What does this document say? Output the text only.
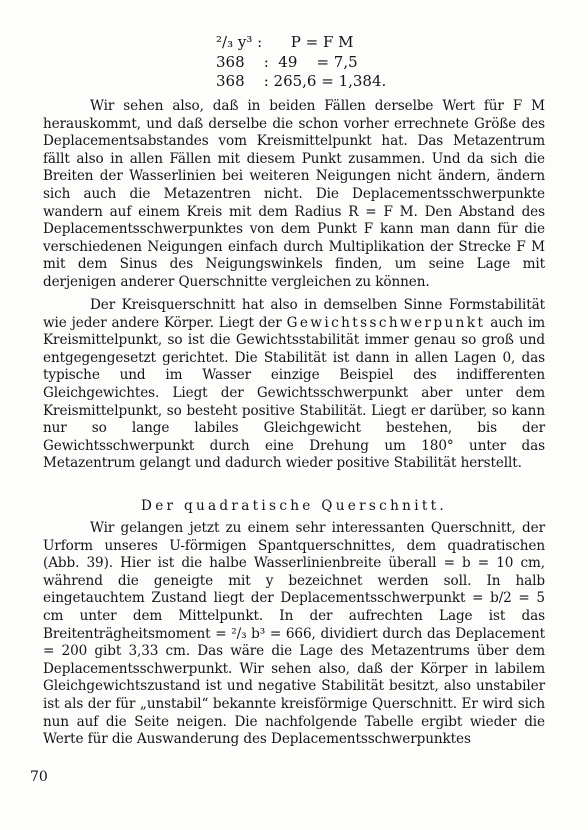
²/₃ y³ :      P = F M
368    :  49    = 7,5
368    : 265,6 = 1,384.

Wir sehen also, daß in beiden Fällen derselbe Wert für F M herauskommt, und daß derselbe die schon vorher errechnete Größe des Deplacementsabstandes vom Kreismittelpunkt hat. Das Metazentrum fällt also in allen Fällen mit diesem Punkt zusammen. Und da sich die Breiten der Wasserlinien bei weiteren Neigungen nicht ändern, ändern sich auch die Metazentren nicht. Die Deplacementsschwerpunkte wandern auf einem Kreis mit dem Radius R = F M. Den Abstand des Deplacementsschwerpunktes von dem Punkt F kann man dann für die verschiedenen Neigungen einfach durch Multiplikation der Strecke F M mit dem Sinus des Neigungswinkels finden, um seine Lage mit derjenigen anderer Querschnitte vergleichen zu können.

Der Kreisquerschnitt hat also in demselben Sinne Formstabilität wie jeder andere Körper. Liegt der Gewichtsschwerpunkt auch im Kreismittelpunkt, so ist die Gewichtsstabilität immer genau so groß und entgegengesetzt gerichtet. Die Stabilität ist dann in allen Lagen 0, das typische und im Wasser einzige Beispiel des indifferenten Gleichgewichtes. Liegt der Gewichtsschwerpunkt aber unter dem Kreismittelpunkt, so besteht positive Stabilität. Liegt er darüber, so kann nur so lange labiles Gleichgewicht bestehen, bis der Gewichtsschwerpunkt durch eine Drehung um 180° unter das Metazentrum gelangt und dadurch wieder positive Stabilität herstellt.

Der quadratische Querschnitt.

Wir gelangen jetzt zu einem sehr interessanten Querschnitt, der Urform unseres U-förmigen Spantquerschnittes, dem quadratischen (Abb. 39). Hier ist die halbe Wasserlinienbreite überall = b = 10 cm, während die geneigte mit y bezeichnet werden soll. In halb eingetauchtem Zustand liegt der Deplacementsschwerpunkt = b/2 = 5 cm unter dem Mittelpunkt. In der aufrechten Lage ist das Breitenträgheitsmoment = ²/₃ b³ = 666, dividiert durch das Deplacement = 200 gibt 3,33 cm. Das wäre die Lage des Metazentrums über dem Deplacementsschwerpunkt. Wir sehen also, daß der Körper in labilem Gleichgewichtszustand ist und negative Stabilität besitzt, also unstabiler ist als der für „unstabil“ bekannte kreisförmige Querschnitt. Er wird sich nun auf die Seite neigen. Die nachfolgende Tabelle ergibt wieder die Werte für die Auswanderung des Deplacementsschwerpunktes

70
